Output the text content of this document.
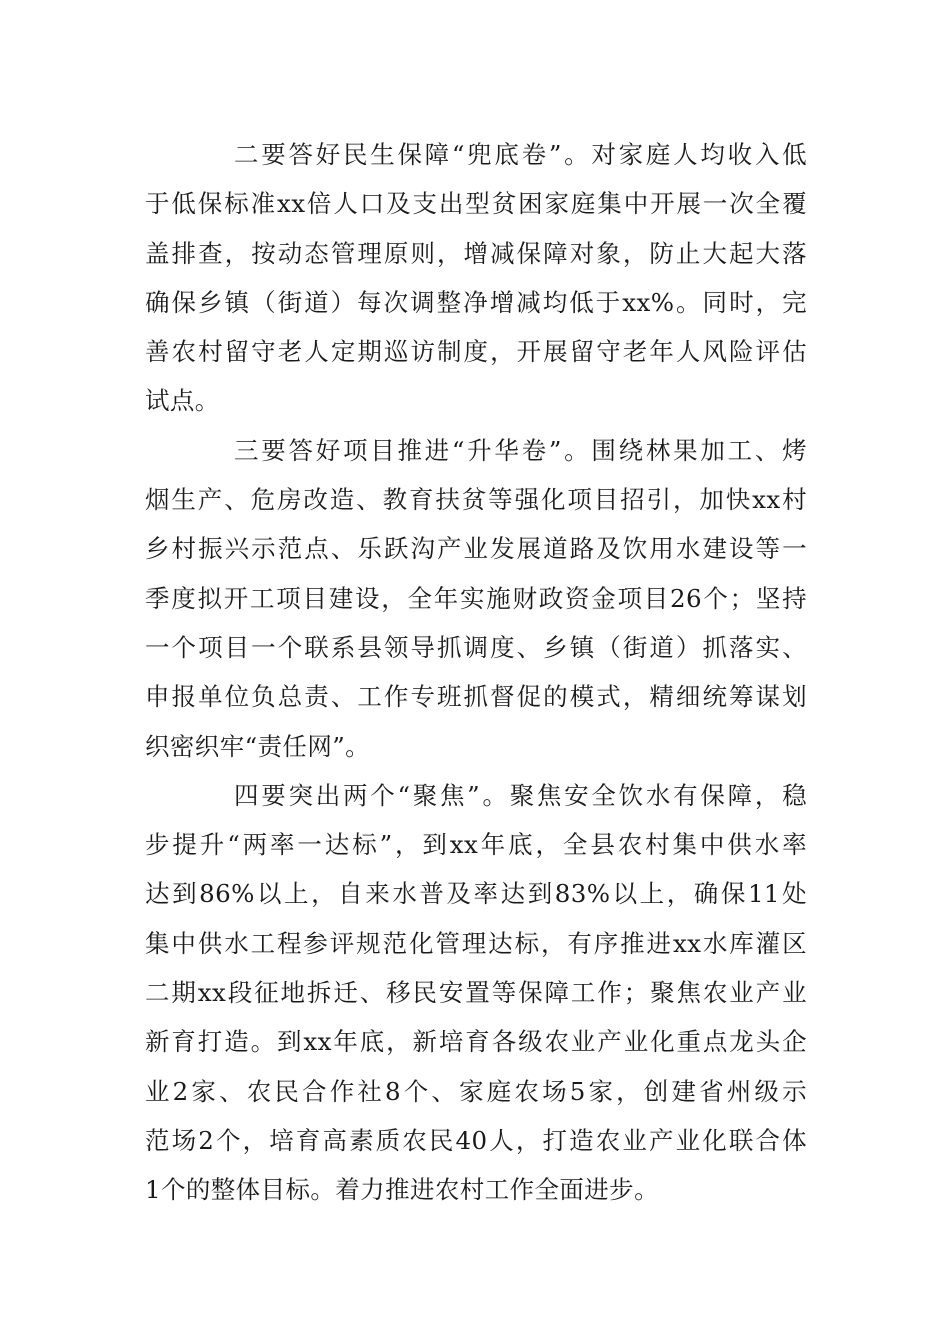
二要答好民生保障“兜底卷”。对家庭人均收入低
于低保标准xx倍人口及支出型贫困家庭集中开展一次全覆
盖排查，按动态管理原则，增减保障对象，防止大起大落
确保乡镇（街道）每次调整净增减均低于xx%。同时，完
善农村留守老人定期巡访制度，开展留守老年人风险评估
试点。

三要答好项目推进“升华卷”。围绕林果加工、烤
烟生产、危房改造、教育扶贫等强化项目招引，加快xx村
乡村振兴示范点、乐跃沟产业发展道路及饮用水建设等一
季度拟开工项目建设，全年实施财政资金项目26个；坚持
一个项目一个联系县领导抓调度、乡镇（街道）抓落实、
申报单位负总责、工作专班抓督促的模式，精细统筹谋划
织密织牢“责任网”。

四要突出两个“聚焦”。聚焦安全饮水有保障，稳
步提升“两率一达标”，到xx年底，全县农村集中供水率
达到86%以上，自来水普及率达到83%以上，确保11处
集中供水工程参评规范化管理达标，有序推进xx水库灌区
二期xx段征地拆迁、移民安置等保障工作；聚焦农业产业
新育打造。到xx年底，新培育各级农业产业化重点龙头企
业2家、农民合作社8个、家庭农场5家，创建省州级示
范场2个，培育高素质农民40人，打造农业产业化联合体
1个的整体目标。着力推进农村工作全面进步。
